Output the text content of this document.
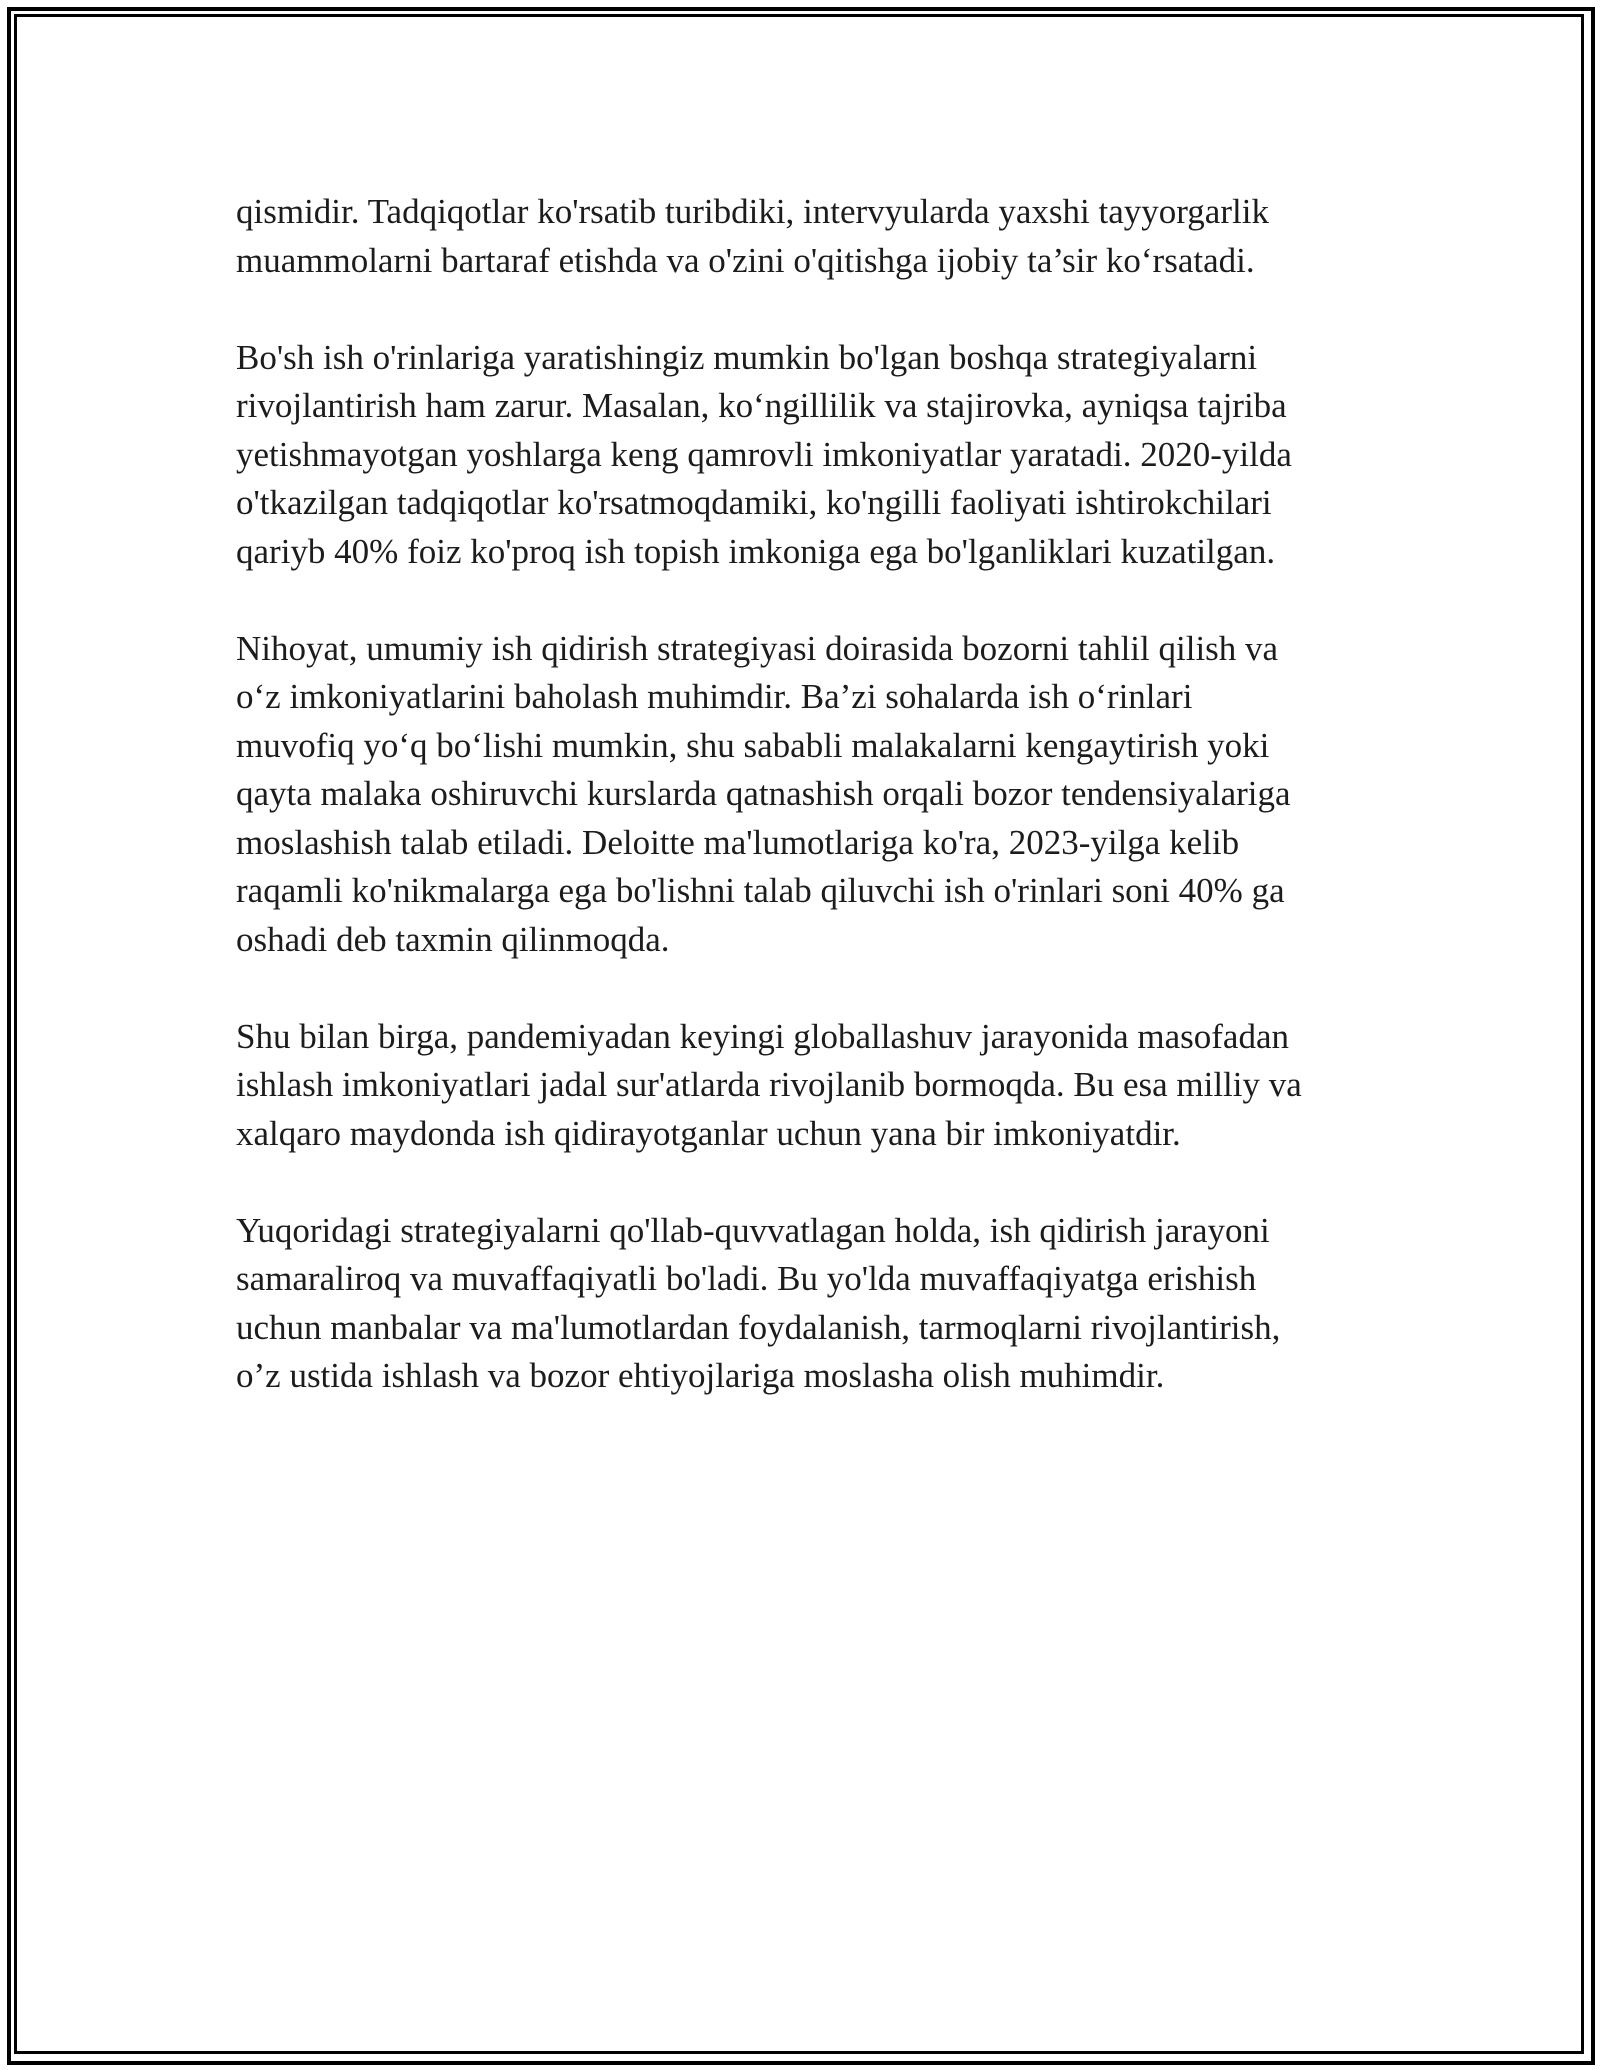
qismidir. Tadqiqotlar ko'rsatib turibdiki, intervyularda yaxshi tayyorgarlik
muammolarni bartaraf etishda va o'zini o'qitishga ijobiy ta’sir ko‘rsatadi.

Bo'sh ish o'rinlariga yaratishingiz mumkin bo'lgan boshqa strategiyalarni
rivojlantirish ham zarur. Masalan, ko‘ngillilik va stajirovka, ayniqsa tajriba
yetishmayotgan yoshlarga keng qamrovli imkoniyatlar yaratadi. 2020-yilda
o'tkazilgan tadqiqotlar ko'rsatmoqdamiki, ko'ngilli faoliyati ishtirokchilari
qariyb 40% foiz ko'proq ish topish imkoniga ega bo'lganliklari kuzatilgan.

Nihoyat, umumiy ish qidirish strategiyasi doirasida bozorni tahlil qilish va
o‘z imkoniyatlarini baholash muhimdir. Ba’zi sohalarda ish o‘rinlari
muvofiq yo‘q bo‘lishi mumkin, shu sababli malakalarni kengaytirish yoki
qayta malaka oshiruvchi kurslarda qatnashish orqali bozor tendensiyalariga
moslashish talab etiladi. Deloitte ma'lumotlariga ko'ra, 2023-yilga kelib
raqamli ko'nikmalarga ega bo'lishni talab qiluvchi ish o'rinlari soni 40% ga
oshadi deb taxmin qilinmoqda.

Shu bilan birga, pandemiyadan keyingi globallashuv jarayonida masofadan
ishlash imkoniyatlari jadal sur'atlarda rivojlanib bormoqda. Bu esa milliy va
xalqaro maydonda ish qidirayotganlar uchun yana bir imkoniyatdir.

Yuqoridagi strategiyalarni qo'llab-quvvatlagan holda, ish qidirish jarayoni
samaraliroq va muvaffaqiyatli bo'ladi. Bu yo'lda muvaffaqiyatga erishish
uchun manbalar va ma'lumotlardan foydalanish, tarmoqlarni rivojlantirish,
o’z ustida ishlash va bozor ehtiyojlariga moslasha olish muhimdir.
